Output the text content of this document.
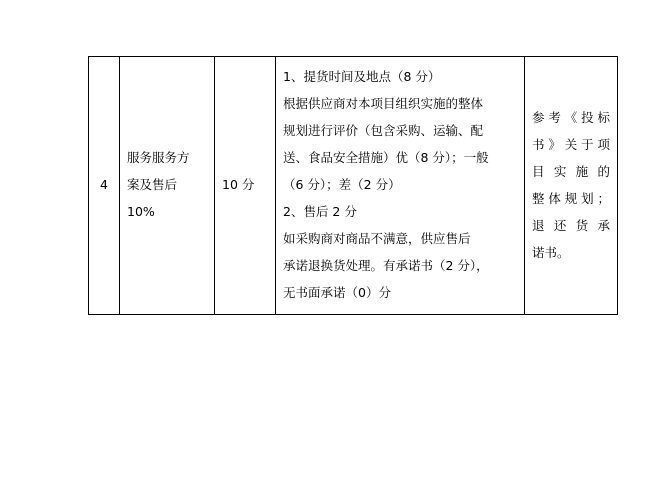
4

服务服务方
案及售后
10%

10 分

1、提货时间及地点（8 分）
根据供应商对本项目组织实施的整体
规划进行评价（包含采购、运输、配
送、食品安全措施）优（8 分）；一般
（6 分）；差（2 分）
2、售后 2 分
如采购商对商品不满意，供应售后
承诺退换货处理。有承诺书（2 分），
无书面承诺（0）分

参考《投标
书》关于项
目实施的
整体规划；
退还货承
诺书。
